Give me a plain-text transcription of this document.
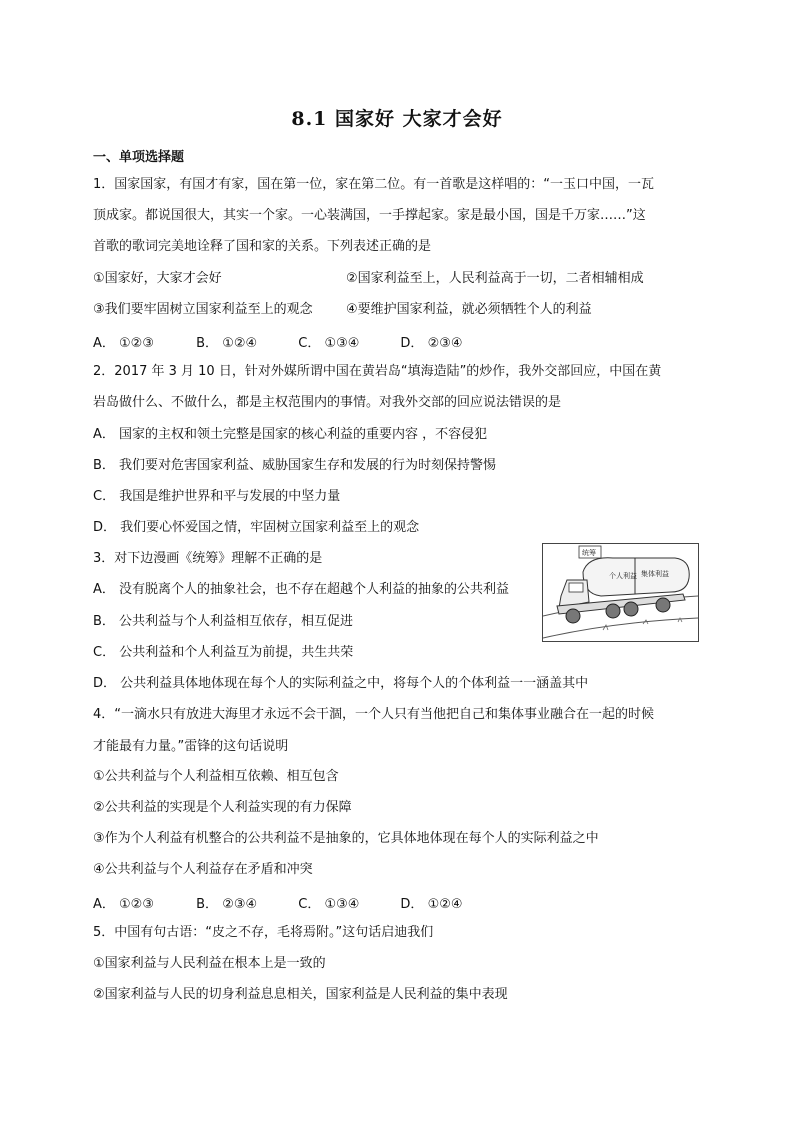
8.1 国家好 大家才会好
一、单项选择题
1．国家国家，有国才有家，国在第一位，家在第二位。有一首歌是这样唱的：“一玉口中国，一瓦
顶成家。都说国很大，其实一个家。一心装满国，一手撑起家。家是最小国，国是千万家……”这
首歌的歌词完美地诠释了国和家的关系。下列表述正确的是
①国家好，大家才会好	②国家利益至上，人民利益高于一切，二者相辅相成
③我们要牢固树立国家利益至上的观念	④要维护国家利益，就必须牺牲个人的利益
A． ①②③	B． ①②④	C． ①③④	D． ②③④
2．2017 年 3 月 10 日，针对外媒所谓中国在黄岩岛“填海造陆”的炒作，我外交部回应，中国在黄
岩岛做什么、不做什么，都是主权范围内的事情。对我外交部的回应说法错误的是
A． 国家的主权和领土完整是国家的核心利益的重要内容 ，不容侵犯
B． 我们要对危害国家利益、威胁国家生存和发展的行为时刻保持警惕
C． 我国是维护世界和平与发展的中坚力量
D． 我们要心怀爱国之情，牢固树立国家利益至上的观念
3．对下边漫画《统筹》理解不正确的是
A． 没有脱离个人的抽象社会，也不存在超越个人利益的抽象的公共利益
B． 公共利益与个人利益相互依存，相互促进
C． 公共利益和个人利益互为前提，共生共荣
D． 公共利益具体地体现在每个人的实际利益之中，将每个人的个体利益一一涵盖其中
个人利益 集体利益
统筹
4．“一滴水只有放进大海里才永远不会干涸，一个人只有当他把自己和集体事业融合在一起的时候
才能最有力量。”雷锋的这句话说明
①公共利益与个人利益相互依赖、相互包含
②公共利益的实现是个人利益实现的有力保障
③作为个人利益有机整合的公共利益不是抽象的，它具体地体现在每个人的实际利益之中
④公共利益与个人利益存在矛盾和冲突
A． ①②③	B． ②③④	C． ①③④	D． ①②④
5．中国有句古语：“皮之不存，毛将焉附。”这句话启迪我们
①国家利益与人民利益在根本上是一致的
②国家利益与人民的切身利益息息相关，国家利益是人民利益的集中表现
